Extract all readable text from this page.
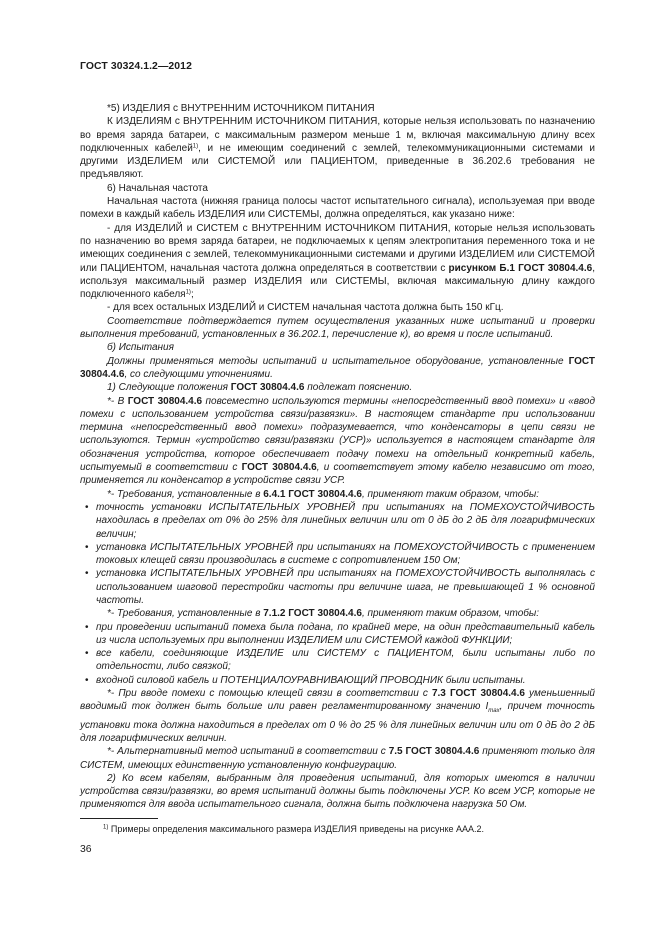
ГОСТ 30324.1.2—2012

*5) ИЗДЕЛИЯ с ВНУТРЕННИМ ИСТОЧНИКОМ ПИТАНИЯ

К ИЗДЕЛИЯМ с ВНУТРЕННИМ ИСТОЧНИКОМ ПИТАНИЯ, которые нельзя использовать по назначению во время заряда батареи, с максимальным размером меньше 1 м, включая максимальную длину всех подключенных кабелей$^{1)}$, и не имеющим соединений с землей, телекоммуникационными системами и другими ИЗДЕЛИЕМ или СИСТЕМОЙ или ПАЦИЕНТОМ, приведенные в 36.202.6 требования не предъявляют.

6) Начальная частота

Начальная частота (нижняя граница полосы частот испытательного сигнала), используемая при вводе помехи в каждый кабель ИЗДЕЛИЯ или СИСТЕМЫ, должна определяться, как указано ниже:

- для ИЗДЕЛИЙ и СИСТЕМ с ВНУТРЕННИМ ИСТОЧНИКОМ ПИТАНИЯ, которые нельзя использовать по назначению во время заряда батареи, не подключаемых к цепям электропитания переменного тока и не имеющих соединения с землей, телекоммуникационными системами и другими ИЗДЕЛИЕМ или СИСТЕМОЙ или ПАЦИЕНТОМ, начальная частота должна определяться в соответствии с рисунком Б.1 ГОСТ 30804.4.6, используя максимальный размер ИЗДЕЛИЯ или СИСТЕМЫ, включая максимальную длину каждого подключенного кабеля$^{1)}$;

- для всех остальных ИЗДЕЛИЙ и СИСТЕМ начальная частота должна быть 150 кГц.

Соответствие подтверждается путем осуществления указанных ниже испытаний и проверки выполнения требований, установленных в 36.202.1, перечисление к), во время и после испытаний.

б) Испытания

Должны применяться методы испытаний и испытательное оборудование, установленные ГОСТ 30804.4.6, со следующими уточнениями.

1) Следующие положения ГОСТ 30804.4.6 подлежат пояснению.

*- В ГОСТ 30804.4.6 повсеместно используются термины «непосредственный ввод помехи» и «ввод помехи с использованием устройства связи/развязки». В настоящем стандарте при использовании термина «непосредственный ввод помехи» подразумевается, что конденсаторы в цепи связи не используются. Термин «устройство связи/развязки (УСР)» используется в настоящем стандарте для обозначения устройства, которое обеспечивает подачу помехи на отдельный конкретный кабель, испытуемый в соответствии с ГОСТ 30804.4.6, и соответствует этому кабелю независимо от того, применяется ли конденсатор в устройстве связи УСР.

*- Требования, установленные в 6.4.1 ГОСТ 30804.4.6, применяют таким образом, чтобы:

• точность установки ИСПЫТАТЕЛЬНЫХ УРОВНЕЙ при испытаниях на ПОМЕХОУСТОЙЧИВОСТЬ находилась в пределах от 0% до 25% для линейных величин или от 0 дБ до 2 дБ для логарифмических величин;
• установка ИСПЫТАТЕЛЬНЫХ УРОВНЕЙ при испытаниях на ПОМЕХОУСТОЙЧИВОСТЬ с применением токовых клещей связи производилась в системе с сопротивлением 150 Ом;
• установка ИСПЫТАТЕЛЬНЫХ УРОВНЕЙ при испытаниях на ПОМЕХОУСТОЙЧИВОСТЬ выполнялась с использованием шаговой перестройки частоты при величине шага, не превышающей 1 % основной частоты.

*- Требования, установленные в 7.1.2 ГОСТ 30804.4.6, применяют таким образом, чтобы:

• при проведении испытаний помеха была подана, по крайней мере, на один представительный кабель из числа используемых при выполнении ИЗДЕЛИЕМ или СИСТЕМОЙ каждой ФУНКЦИИ;
• все кабели, соединяющие ИЗДЕЛИЕ или СИСТЕМУ с ПАЦИЕНТОМ, были испытаны либо по отдельности, либо связкой;
• входной силовой кабель и ПОТЕНЦИАЛОУРАВНИВАЮЩИЙ ПРОВОДНИК были испытаны.

*- При вводе помехи с помощью клещей связи в соответствии с 7.3 ГОСТ 30804.4.6 уменьшенный вводимый ток должен быть больше или равен регламентированному значению $I_{max}$, причем точность установки тока должна находиться в пределах от 0 % до 25 % для линейных величин или от 0 дБ до 2 дБ для логарифмических величин.

*- Альтернативный метод испытаний в соответствии с 7.5 ГОСТ 30804.4.6 применяют только для СИСТЕМ, имеющих единственную установленную конфигурацию.

2) Ко всем кабелям, выбранным для проведения испытаний, для которых имеются в наличии устройства связи/развязки, во время испытаний должны быть подключены УСР. Ко всем УСР, которые не применяются для ввода испытательного сигнала, должна быть подключена нагрузка 50 Ом.

$^{1)}$ Примеры определения максимального размера ИЗДЕЛИЯ приведены на рисунке AAA.2.
36
